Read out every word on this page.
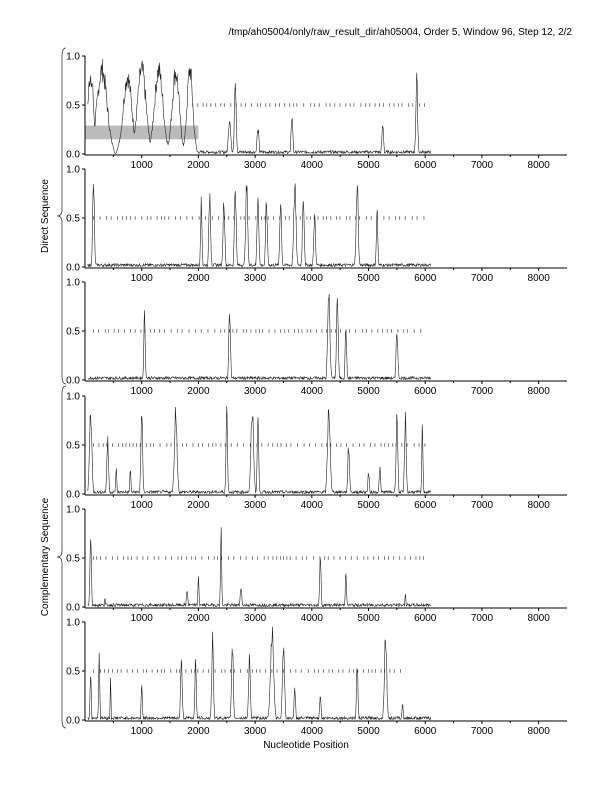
/tmp/ah05004/only/raw_result_dir/ah05004, Order 5, Window 96, Step 12, 2/2
0.0
0.5
1.0
1000	2000	3000	4000	5000	6000	7000	8000
0.0
0.5
1.0
1000	2000	3000	4000	5000	6000	7000	8000
0.0
0.5
1.0
1000	2000	3000	4000	5000	6000	7000	8000
0.0
0.5
1.0
1000	2000	3000	4000	5000	6000	7000	8000
0.0
0.5
1.0
1000	2000	3000	4000	5000	6000	7000	8000
0.0
0.5
1.0
1000	2000	3000	4000	5000	6000	7000	8000
Direct Sequence
Complementary Sequence
Nucleotide Position
